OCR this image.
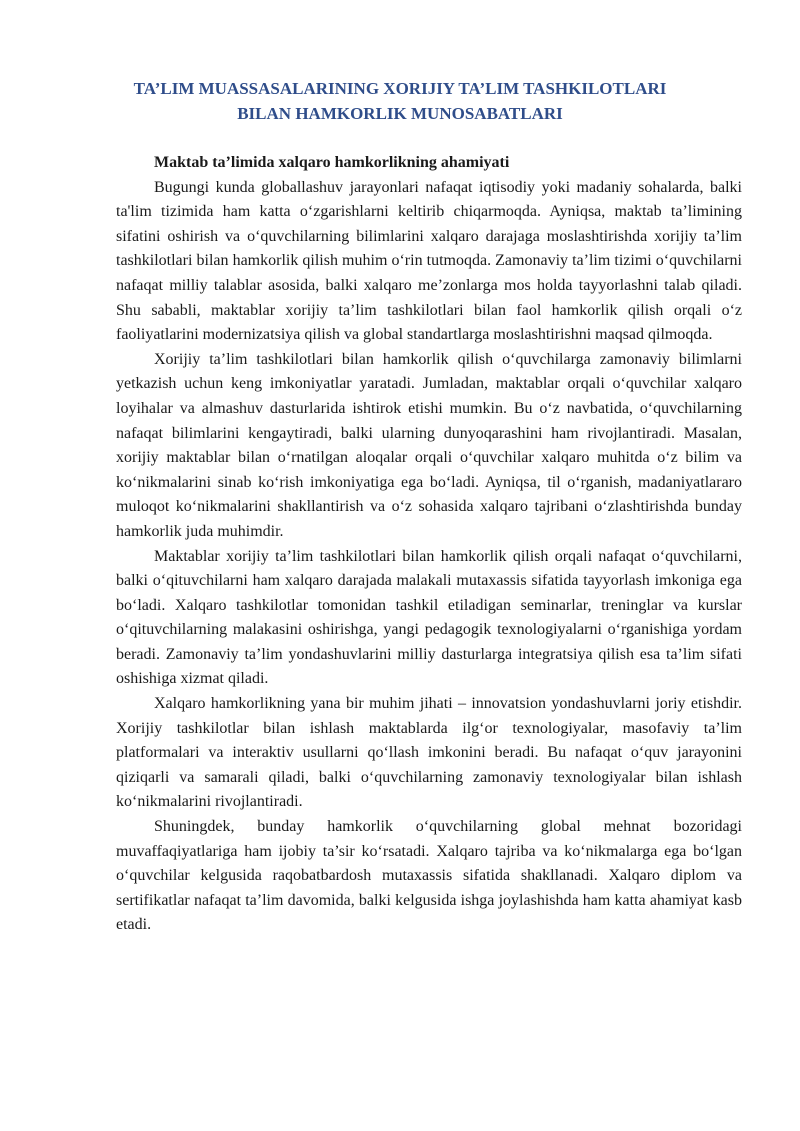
TA’LIM MUASSASALARINING XORIJIY TA’LIM TASHKILOTLARI
BILAN HAMKORLIK MUNOSABATLARI

Maktab ta’limida xalqaro hamkorlikning ahamiyati

Bugungi kunda globallashuv jarayonlari nafaqat iqtisodiy yoki madaniy sohalarda, balki ta'lim tizimida ham katta o‘zgarishlarni keltirib chiqarmoqda. Ayniqsa, maktab ta’limining sifatini oshirish va o‘quvchilarning bilimlarini xalqaro darajaga moslashtirishda xorijiy ta’lim tashkilotlari bilan hamkorlik qilish muhim o‘rin tutmoqda. Zamonaviy ta’lim tizimi o‘quvchilarni nafaqat milliy talablar asosida, balki xalqaro me’zonlarga mos holda tayyorlashni talab qiladi. Shu sababli, maktablar xorijiy ta’lim tashkilotlari bilan faol hamkorlik qilish orqali o‘z faoliyatlarini modernizatsiya qilish va global standartlarga moslashtirishni maqsad qilmoqda.

Xorijiy ta’lim tashkilotlari bilan hamkorlik qilish o‘quvchilarga zamonaviy bilimlarni yetkazish uchun keng imkoniyatlar yaratadi. Jumladan, maktablar orqali o‘quvchilar xalqaro loyihalar va almashuv dasturlarida ishtirok etishi mumkin. Bu o‘z navbatida, o‘quvchilarning nafaqat bilimlarini kengaytiradi, balki ularning dunyoqarashini ham rivojlantiradi. Masalan, xorijiy maktablar bilan o‘rnatilgan aloqalar orqali o‘quvchilar xalqaro muhitda o‘z bilim va ko‘nikmalarini sinab ko‘rish imkoniyatiga ega bo‘ladi. Ayniqsa, til o‘rganish, madaniyatlararo muloqot ko‘nikmalarini shakllantirish va o‘z sohasida xalqaro tajribani o‘zlashtirishda bunday hamkorlik juda muhimdir.

Maktablar xorijiy ta’lim tashkilotlari bilan hamkorlik qilish orqali nafaqat o‘quvchilarni, balki o‘qituvchilarni ham xalqaro darajada malakali mutaxassis sifatida tayyorlash imkoniga ega bo‘ladi. Xalqaro tashkilotlar tomonidan tashkil etiladigan seminarlar, treninglar va kurslar o‘qituvchilarning malakasini oshirishga, yangi pedagogik texnologiyalarni o‘rganishiga yordam beradi. Zamonaviy ta’lim yondashuvlarini milliy dasturlarga integratsiya qilish esa ta’lim sifati oshishiga xizmat qiladi.

Xalqaro hamkorlikning yana bir muhim jihati – innovatsion yondashuvlarni joriy etishdir. Xorijiy tashkilotlar bilan ishlash maktablarda ilg‘or texnologiyalar, masofaviy ta’lim platformalari va interaktiv usullarni qo‘llash imkonini beradi. Bu nafaqat o‘quv jarayonini qiziqarli va samarali qiladi, balki o‘quvchilarning zamonaviy texnologiyalar bilan ishlash ko‘nikmalarini rivojlantiradi.

Shuningdek, bunday hamkorlik o‘quvchilarning global mehnat bozoridagi muvaffaqiyatlariga ham ijobiy ta’sir ko‘rsatadi. Xalqaro tajriba va ko‘nikmalarga ega bo‘lgan o‘quvchilar kelgusida raqobatbardosh mutaxassis sifatida shakllanadi. Xalqaro diplom va sertifikatlar nafaqat ta’lim davomida, balki kelgusida ishga joylashishda ham katta ahamiyat kasb etadi.
